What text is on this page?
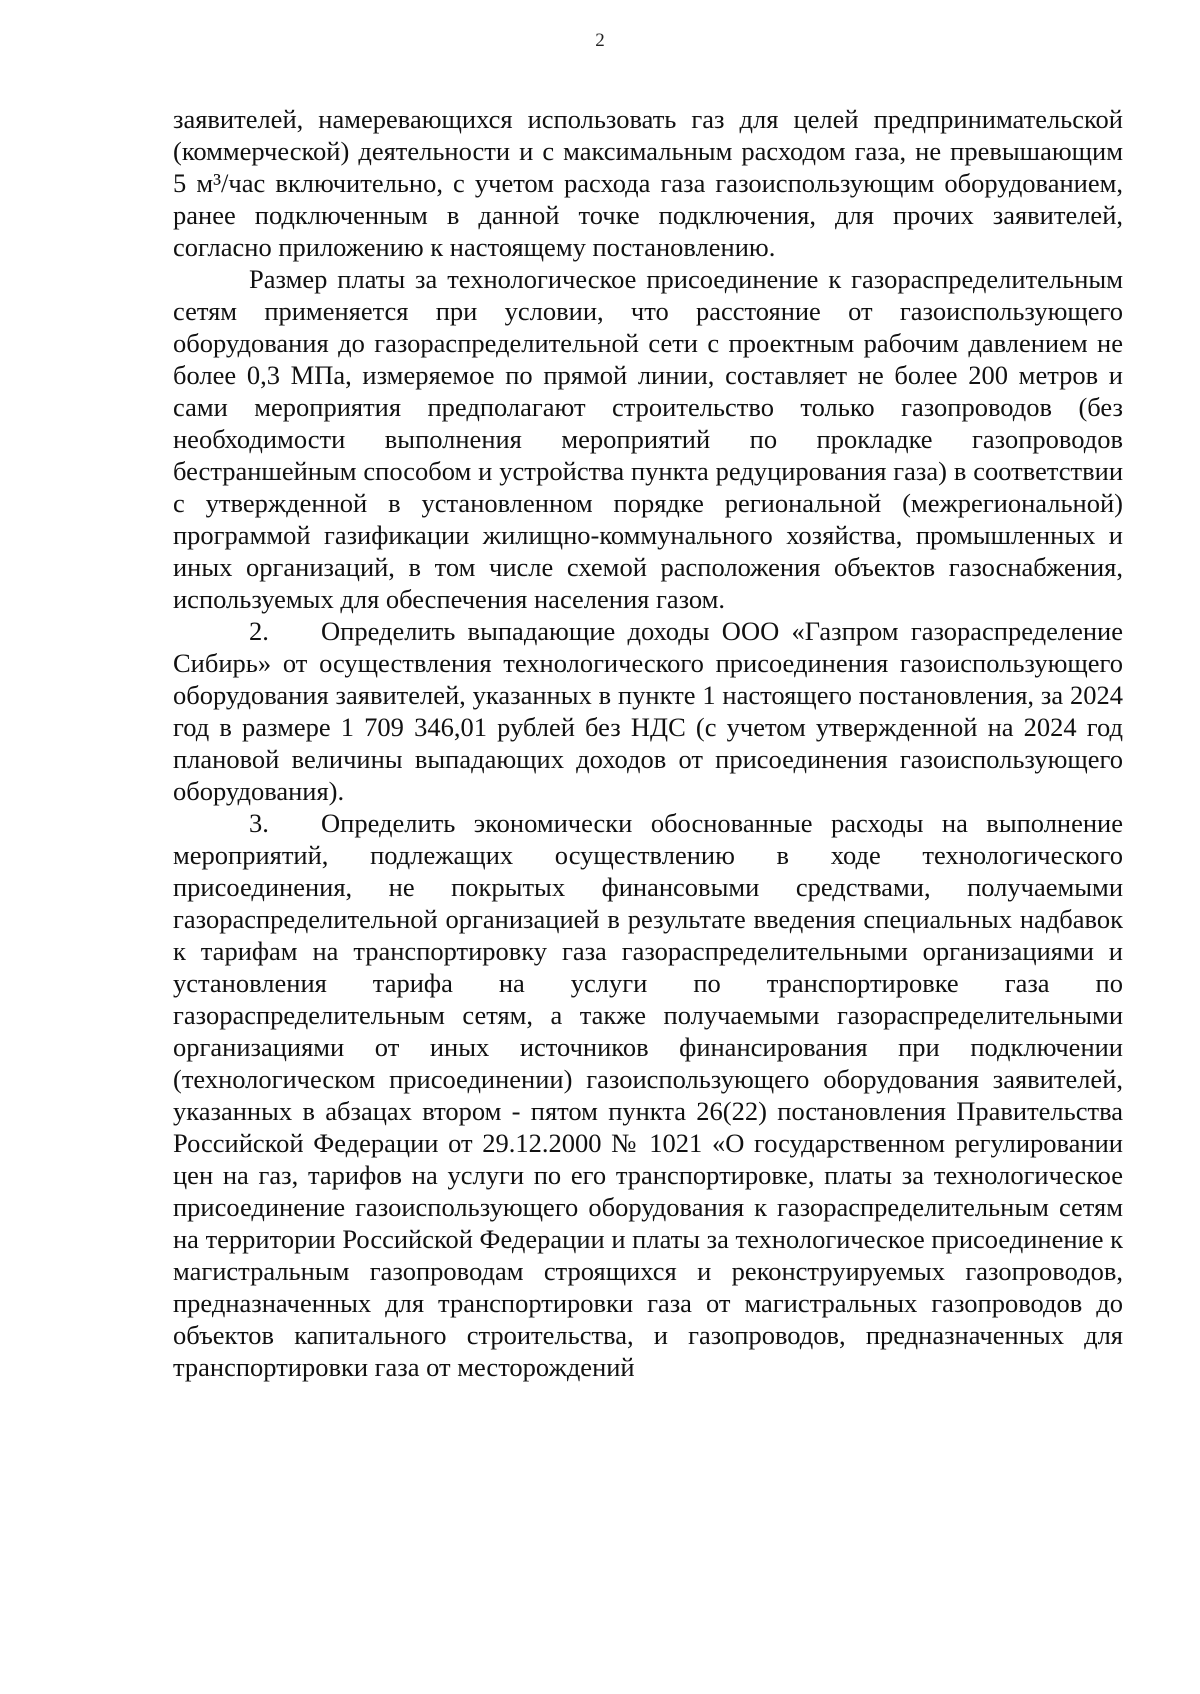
2

заявителей, намеревающихся использовать газ для целей предпринимательской (коммерческой) деятельности и с максимальным расходом газа, не превышающим 5 м³/час включительно, с учетом расхода газа газоиспользующим оборудованием, ранее подключенным в данной точке подключения, для прочих заявителей, согласно приложению к настоящему постановлению.

Размер платы за технологическое присоединение к газораспределительным сетям применяется при условии, что расстояние от газоиспользующего оборудования до газораспределительной сети с проектным рабочим давлением не более 0,3 МПа, измеряемое по прямой линии, составляет не более 200 метров и сами мероприятия предполагают строительство только газопроводов (без необходимости выполнения мероприятий по прокладке газопроводов бестраншейным способом и устройства пункта редуцирования газа) в соответствии с утвержденной в установленном порядке региональной (межрегиональной) программой газификации жилищно-коммунального хозяйства, промышленных и иных организаций, в том числе схемой расположения объектов газоснабжения, используемых для обеспечения населения газом.

2. Определить выпадающие доходы ООО «Газпром газораспределение Сибирь» от осуществления технологического присоединения газоиспользующего оборудования заявителей, указанных в пункте 1 настоящего постановления, за 2024 год в размере 1 709 346,01 рублей без НДС (с учетом утвержденной на 2024 год плановой величины выпадающих доходов от присоединения газоиспользующего оборудования).

3. Определить экономически обоснованные расходы на выполнение мероприятий, подлежащих осуществлению в ходе технологического присоединения, не покрытых финансовыми средствами, получаемыми газораспределительной организацией в результате введения специальных надбавок к тарифам на транспортировку газа газораспределительными организациями и установления тарифа на услуги по транспортировке газа по газораспределительным сетям, а также получаемыми газораспределительными организациями от иных источников финансирования при подключении (технологическом присоединении) газоиспользующего оборудования заявителей, указанных в абзацах втором - пятом пункта 26(22) постановления Правительства Российской Федерации от 29.12.2000 № 1021 «О государственном регулировании цен на газ, тарифов на услуги по его транспортировке, платы за технологическое присоединение газоиспользующего оборудования к газораспределительным сетям на территории Российской Федерации и платы за технологическое присоединение к магистральным газопроводам строящихся и реконструируемых газопроводов, предназначенных для транспортировки газа от магистральных газопроводов до объектов капитального строительства, и газопроводов, предназначенных для транспортировки газа от месторождений
